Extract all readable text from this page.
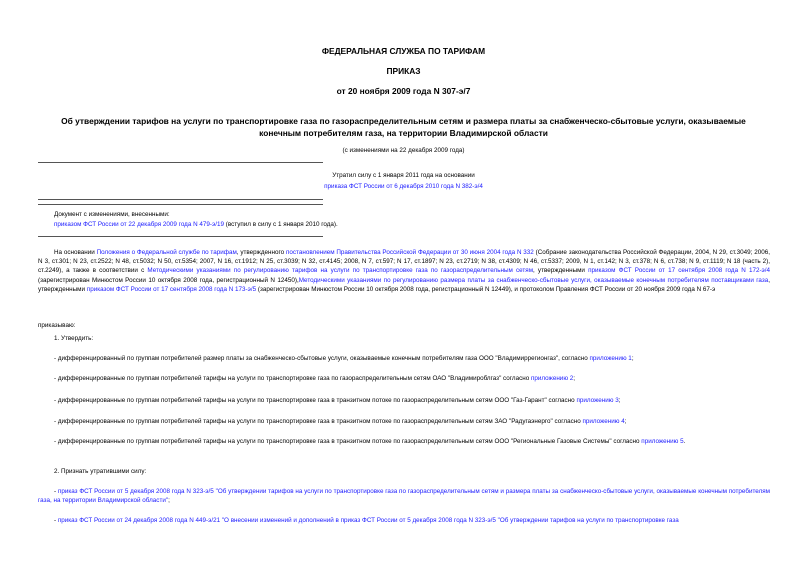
ФЕДЕРАЛЬНАЯ СЛУЖБА ПО ТАРИФАМ
ПРИКАЗ
от 20 ноября 2009 года N 307-э/7
Об утверждении тарифов на услуги по транспортировке газа по газораспределительным сетям и размера платы за снабженческо-сбытовые услуги, оказываемые
конечным потребителям газа, на территории Владимирской области
(с изменениями на 22 декабря 2009 года)
Утратил силу с 1 января 2011 года на основании
приказа ФСТ России от 6 декабря 2010 года N 382-э/4
Документ с изменениями, внесенными:
приказом ФСТ России от 22 декабря 2009 года N 479-э/19 (вступил в силу с 1 января 2010 года).
На основании Положения о Федеральной службе по тарифам, утвержденного постановлением Правительства Российской Федерации от 30 июня 2004 года N 332 (Собрание законодательства Российской Федерации, 2004, N 29, ст.3049; 2006, N 3, ст.301; N 23, ст.2522; N 48, ст.5032; N 50, ст.5354; 2007, N 16, ст.1912; N 25, ст.3039; N 32, ст.4145; 2008, N 7, ст.597; N 17, ст.1897; N 23, ст.2719; N 38, ст.4309; N 46, ст.5337; 2009, N 1, ст.142; N 3, ст.378; N 6, ст.738; N 9, ст.1119; N 18 (часть 2), ст.2249), а также в соответствии с Методическими указаниями по регулированию тарифов на услуги по транспортировке газа по газораспределительным сетям, утвержденными приказом ФСТ России от 17 сентября 2008 года N 172-э/4 (зарегистрирован Минюстом России 10 октября 2008 года, регистрационный N 12450),Методическими указаниями по регулированию размера платы за снабженческо-сбытовые услуги, оказываемые конечным потребителям поставщиками газа, утвержденными приказом ФСТ России от 17 сентября 2008 года N 173-э/5 (зарегистрирован Минюстом России 10 октября 2008 года, регистрационный N 12449), и протоколом Правления ФСТ России от 20 ноября 2009 года N 67-э
приказываю:
1. Утвердить:
- дифференцированный по группам потребителей размер платы за снабженческо-сбытовые услуги, оказываемые конечным потребителям газа ООО "Владимиррегионгаз", согласно приложению 1;
- дифференцированные по группам потребителей тарифы на услуги по транспортировке газа по газораспределительным сетям ОАО "Владимироблгаз" согласно приложению 2;
- дифференцированные по группам потребителей тарифы на услуги по транспортировке газа в транзитном потоке по газораспределительным сетям ООО "Газ-Гарант" согласно приложению 3;
- дифференцированные по группам потребителей тарифы на услуги по транспортировке газа в транзитном потоке по газораспределительным сетям ЗАО "Радугаэнерго" согласно приложению 4;
- дифференцированные по группам потребителей тарифы на услуги по транспортировке газа в транзитном потоке по газораспределительным сетям ООО "Региональные Газовые Системы" согласно приложению 5.
2. Признать утратившими силу:
- приказ ФСТ России от 5 декабря 2008 года N 323-э/5 "Об утверждении тарифов на услуги по транспортировке газа по газораспределительным сетям и размера платы за снабженческо-сбытовые услуги, оказываемые конечным потребителям газа, на территории Владимирской области";
- приказ ФСТ России от 24 декабря 2008 года N 449-э/21 "О внесении изменений и дополнений в приказ ФСТ России от 5 декабря 2008 года N 323-э/5 "Об утверждении тарифов на услуги по транспортировке газа
